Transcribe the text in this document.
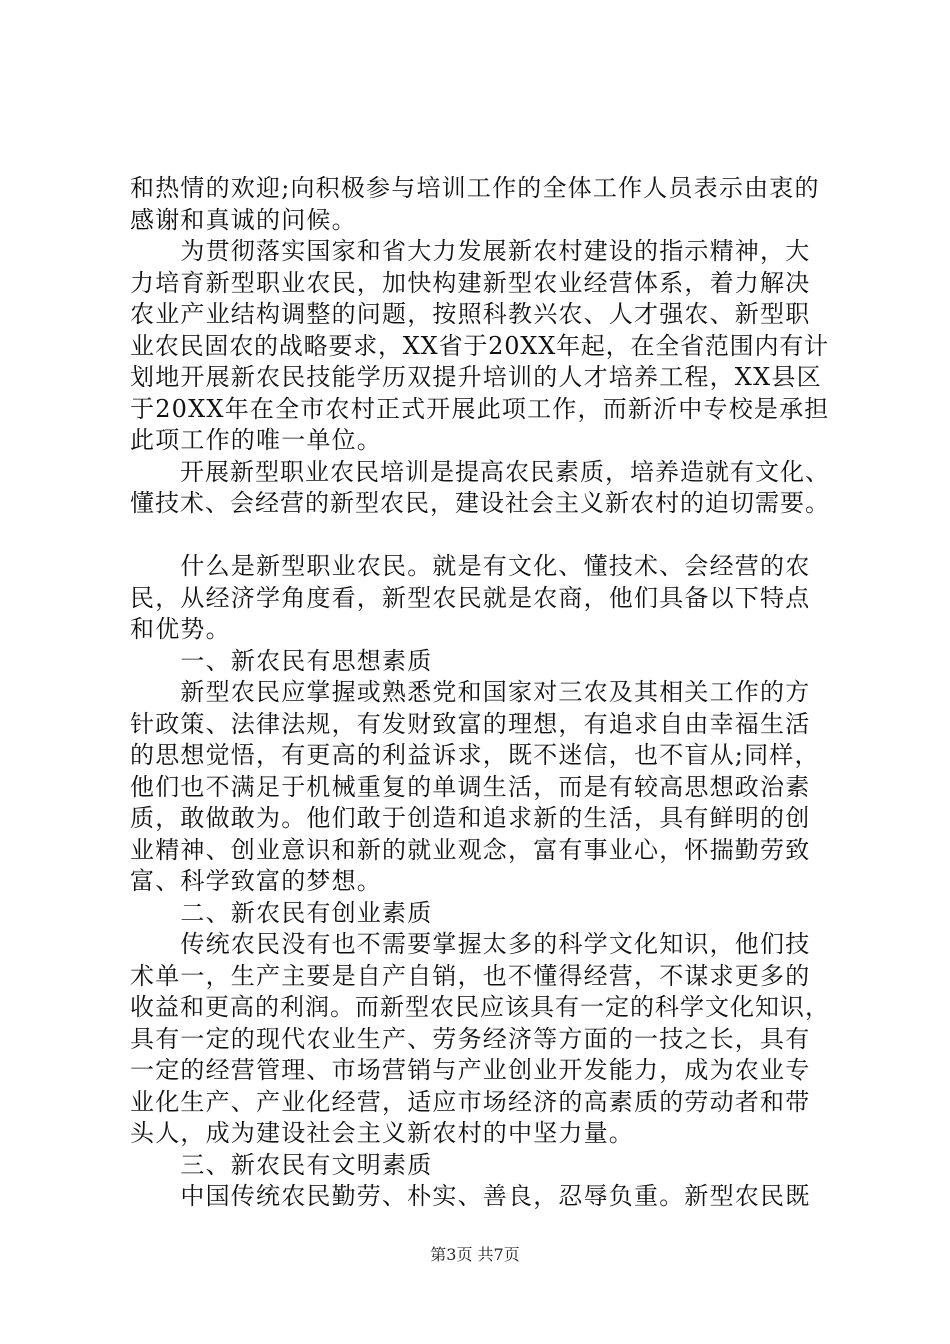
和热情的欢迎;向积极参与培训工作的全体工作人员表示由衷的
感谢和真诚的问候。
　　为贯彻落实国家和省大力发展新农村建设的指示精神，大
力培育新型职业农民，加快构建新型农业经营体系，着力解决
农业产业结构调整的问题，按照科教兴农、人才强农、新型职
业农民固农的战略要求，XX省于20XX年起，在全省范围内有计
划地开展新农民技能学历双提升培训的人才培养工程，XX县区
于20XX年在全市农村正式开展此项工作，而新沂中专校是承担
此项工作的唯一单位。
　　开展新型职业农民培训是提高农民素质，培养造就有文化、
懂技术、会经营的新型农民，建设社会主义新农村的迫切需要。
　　什么是新型职业农民。就是有文化、懂技术、会经营的农
民，从经济学角度看，新型农民就是农商，他们具备以下特点
和优势。
　　一、新农民有思想素质
　　新型农民应掌握或熟悉党和国家对三农及其相关工作的方
针政策、法律法规，有发财致富的理想，有追求自由幸福生活
的思想觉悟，有更高的利益诉求，既不迷信，也不盲从;同样，
他们也不满足于机械重复的单调生活，而是有较高思想政治素
质，敢做敢为。他们敢于创造和追求新的生活，具有鲜明的创
业精神、创业意识和新的就业观念，富有事业心，怀揣勤劳致
富、科学致富的梦想。
　　二、新农民有创业素质
　　传统农民没有也不需要掌握太多的科学文化知识，他们技
术单一，生产主要是自产自销，也不懂得经营，不谋求更多的
收益和更高的利润。而新型农民应该具有一定的科学文化知识，
具有一定的现代农业生产、劳务经济等方面的一技之长，具有
一定的经营管理、市场营销与产业创业开发能力，成为农业专
业化生产、产业化经营，适应市场经济的高素质的劳动者和带
头人，成为建设社会主义新农村的中坚力量。
　　三、新农民有文明素质
　　中国传统农民勤劳、朴实、善良，忍辱负重。新型农民既
第3页 共7页
